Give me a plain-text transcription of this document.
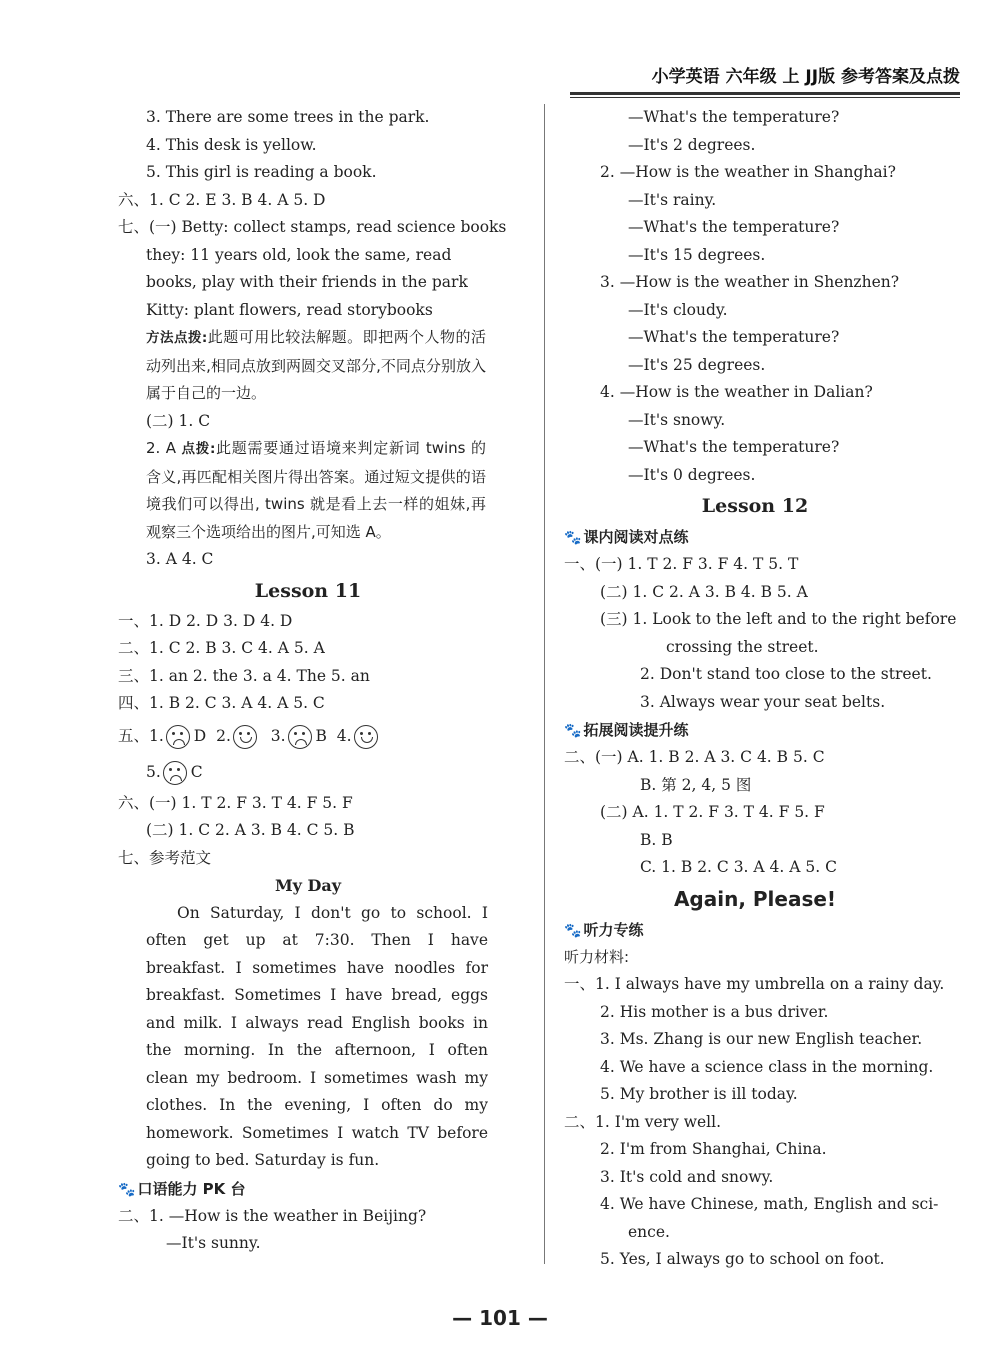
小学英语 六年级 上 JJ版 参考答案及点拨
3. There are some trees in the park.
4. This desk is yellow.
5. This girl is reading a book.
六、1. C 2. E 3. B 4. A 5. D
七、(一) Betty: collect stamps, read science books
they: 11 years old, look the same, read
books, play with their friends in the park
Kitty: plant flowers, read storybooks
方法点拨:此题可用比较法解题。即把两个人物的活动列出来,相同点放到两圆交叉部分,不同点分别放入属于自己的一边。
(二) 1. C
2. A 点拨:此题需要通过语境来判定新词 twins 的含义,再匹配相关图片得出答案。通过短文提供的语境我们可以得出, twins 就是看上去一样的姐妹,再观察三个选项给出的图片,可知选 A。
3. A 4. C
Lesson 11
一、1. D 2. D 3. D 4. D
二、1. C 2. B 3. C 4. A 5. A
三、1. an 2. the 3. a 4. The 5. an
四、1. B 2. C 3. A 4. A 5. C
五、1. D 2.	3. B 4.
5. C
六、(一) 1. T 2. F 3. T 4. F 5. F
(二) 1. C 2. A 3. B 4. C 5. B
七、参考范文
My Day
On Saturday, I don't go to school. I often get up at 7:30. Then I have breakfast. I sometimes have noodles for breakfast. Sometimes I have bread, eggs and milk. I always read English books in the morning. In the afternoon, I often clean my bedroom. I sometimes wash my clothes. In the evening, I often do my homework. Sometimes I watch TV before going to bed. Saturday is fun.
🐾 口语能力 PK 台
二、1. —How is the weather in Beijing?
—It's sunny.
—What's the temperature?
—It's 2 degrees.
2. —How is the weather in Shanghai?
—It's rainy.
—What's the temperature?
—It's 15 degrees.
3. —How is the weather in Shenzhen?
—It's cloudy.
—What's the temperature?
—It's 25 degrees.
4. —How is the weather in Dalian?
—It's snowy.
—What's the temperature?
—It's 0 degrees.
Lesson 12
🐾 课内阅读对点练
一、(一) 1. T 2. F 3. F 4. T 5. T
(二) 1. C 2. A 3. B 4. B 5. A
(三) 1. Look to the left and to the right before
crossing the street.
2. Don't stand too close to the street.
3. Always wear your seat belts.
🐾 拓展阅读提升练
二、(一) A. 1. B 2. A 3. C 4. B 5. C
B. 第 2, 4, 5 图
(二) A. 1. T 2. F 3. T 4. F 5. F
B. B
C. 1. B 2. C 3. A 4. A 5. C
Again, Please!
🐾 听力专练
听力材料:
一、1. I always have my umbrella on a rainy day.
2. His mother is a bus driver.
3. Ms. Zhang is our new English teacher.
4. We have a science class in the morning.
5. My brother is ill today.
二、1. I'm very well.
2. I'm from Shanghai, China.
3. It's cold and snowy.
4. We have Chinese, math, English and sci-
ence.
5. Yes, I always go to school on foot.
— 101 —
